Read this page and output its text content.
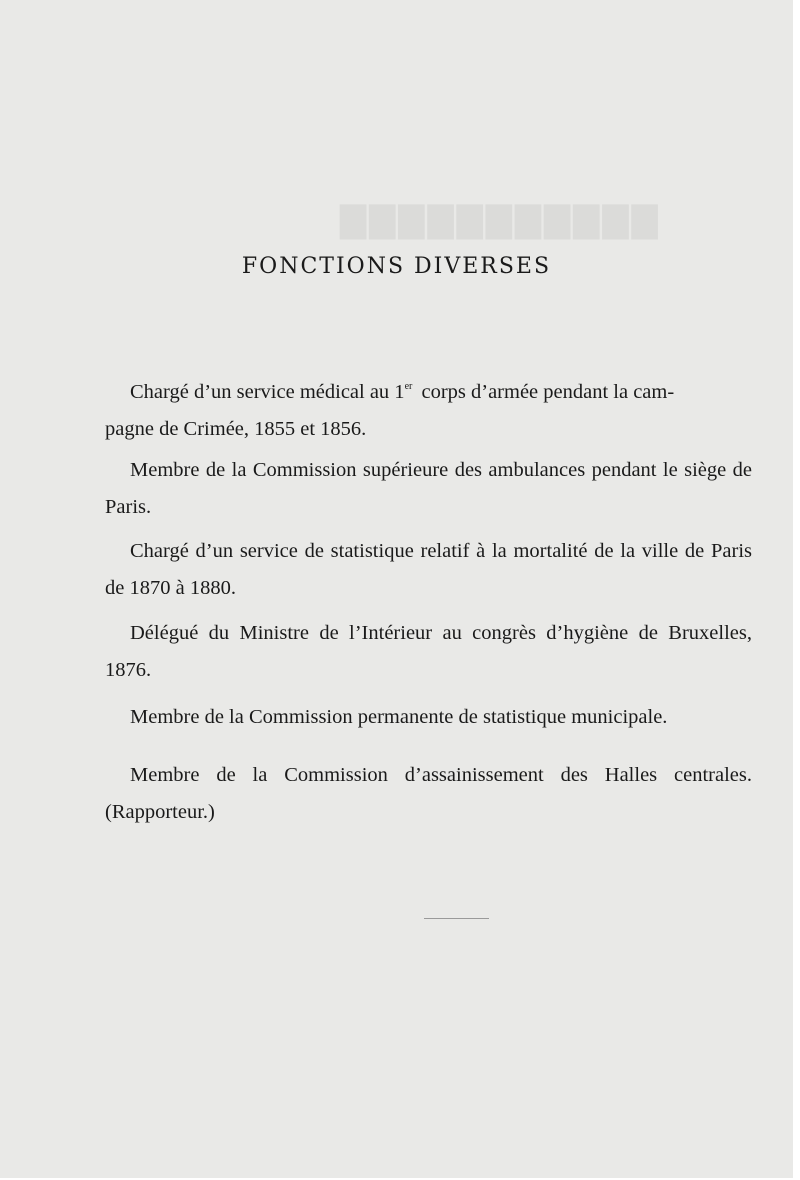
▇▇▇▇▇▇▇▇▇▇▇
FONCTIONS DIVERSES

Chargé d’un service médical au 1er corps d’armée pendant la cam-
pagne de Crimée, 1855 et 1856.

Membre de la Commission supérieure des ambulances pendant le siège de Paris.

Chargé d’un service de statistique relatif à la mortalité de la ville de Paris de 1870 à 1880.

Délégué du Ministre de l’Intérieur au congrès d’hygiène de Bruxelles, 1876.

Membre de la Commission permanente de statistique municipale.

Membre de la Commission d’assainissement des Halles centrales. (Rapporteur.)
